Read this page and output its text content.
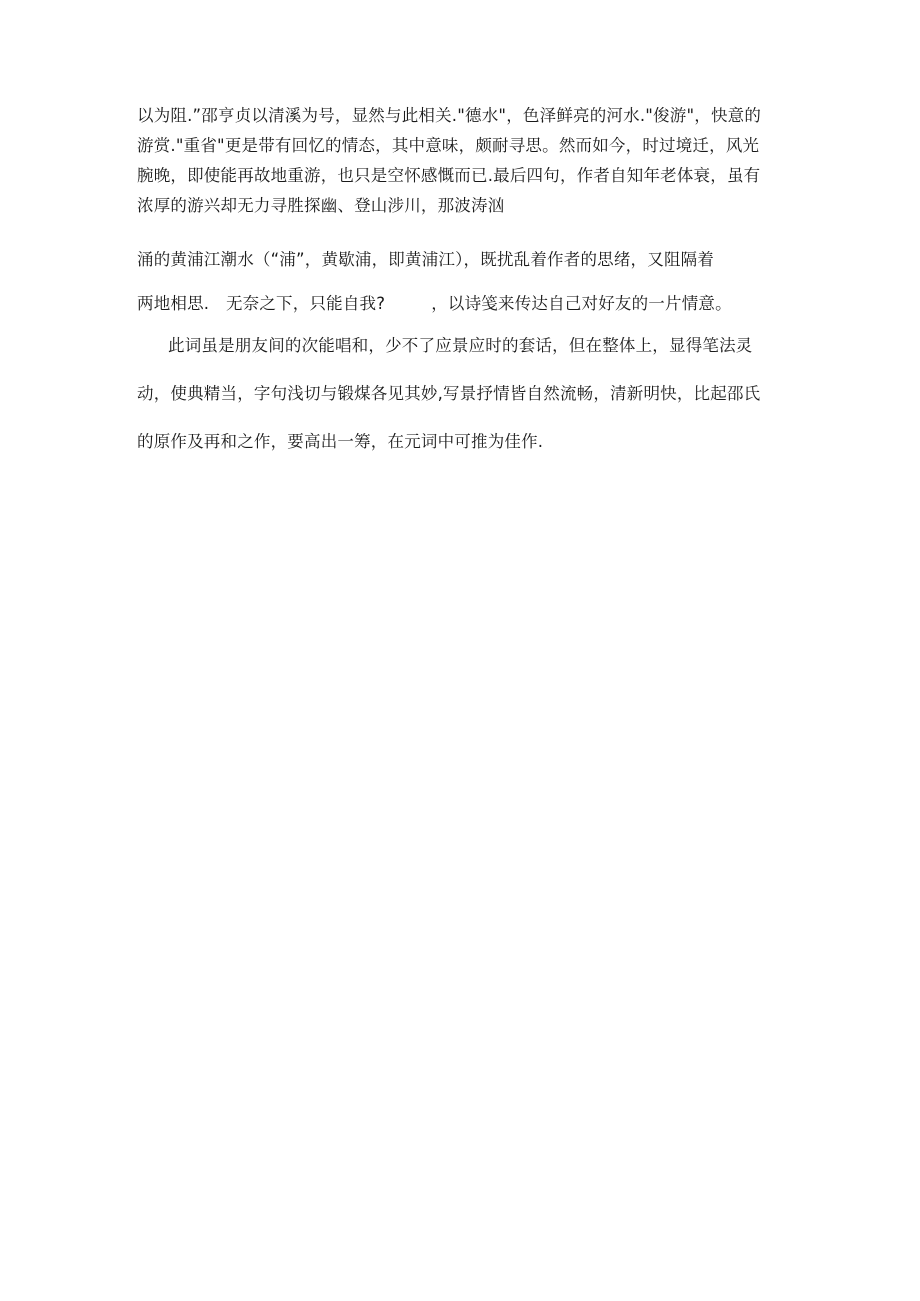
以为阻.”邵亨贞以清溪为号，显然与此相关."德水"，色泽鲜亮的河水."俊游"，快意的
游赏."重省"更是带有回忆的情态，其中意味，颇耐寻思。然而如今，时过境迁，风光
腕晚，即使能再故地重游，也只是空怀感慨而已.最后四句，作者自知年老体衰，虽有
浓厚的游兴却无力寻胜探幽、登山涉川，那波涛汹
涌的黄浦江潮水（“浦”，黄歇浦，即黄浦江），既扰乱着作者的思绪，又阻隔着
两地相思.　无奈之下，只能自我?	，以诗笺来传达自己对好友的一片情意。
此词虽是朋友间的次能唱和，少不了应景应时的套话，但在整体上，显得笔法灵
动，使典精当，字句浅切与锻煤各见其妙,写景抒情皆自然流畅，清新明快，比起邵氏
的原作及再和之作，要高出一筹，在元词中可推为佳作.
